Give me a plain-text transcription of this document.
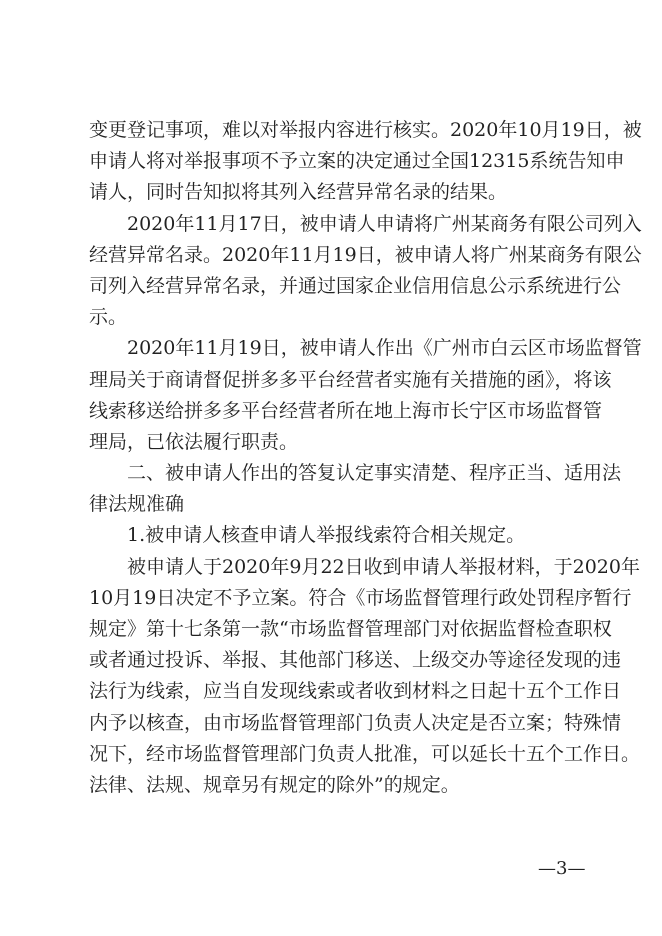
变更登记事项，难以对举报内容进行核实。2020年10月19日，被
申请人将对举报事项不予立案的决定通过全国12315系统告知申
请人，同时告知拟将其列入经营异常名录的结果。
2020年11月17日，被申请人申请将广州某商务有限公司列入
经营异常名录。2020年11月19日，被申请人将广州某商务有限公
司列入经营异常名录，并通过国家企业信用信息公示系统进行公
示。
2020年11月19日，被申请人作出《广州市白云区市场监督管
理局关于商请督促拼多多平台经营者实施有关措施的函》，将该
线索移送给拼多多平台经营者所在地上海市长宁区市场监督管
理局，已依法履行职责。
二、被申请人作出的答复认定事实清楚、程序正当、适用法
律法规准确
1.被申请人核查申请人举报线索符合相关规定。
被申请人于2020年9月22日收到申请人举报材料，于2020年
10月19日决定不予立案。符合《市场监督管理行政处罚程序暂行
规定》第十七条第一款“市场监督管理部门对依据监督检查职权
或者通过投诉、举报、其他部门移送、上级交办等途径发现的违
法行为线索，应当自发现线索或者收到材料之日起十五个工作日
内予以核查，由市场监督管理部门负责人决定是否立案；特殊情
况下，经市场监督管理部门负责人批准，可以延长十五个工作日。
法律、法规、规章另有规定的除外”的规定。
—3—
